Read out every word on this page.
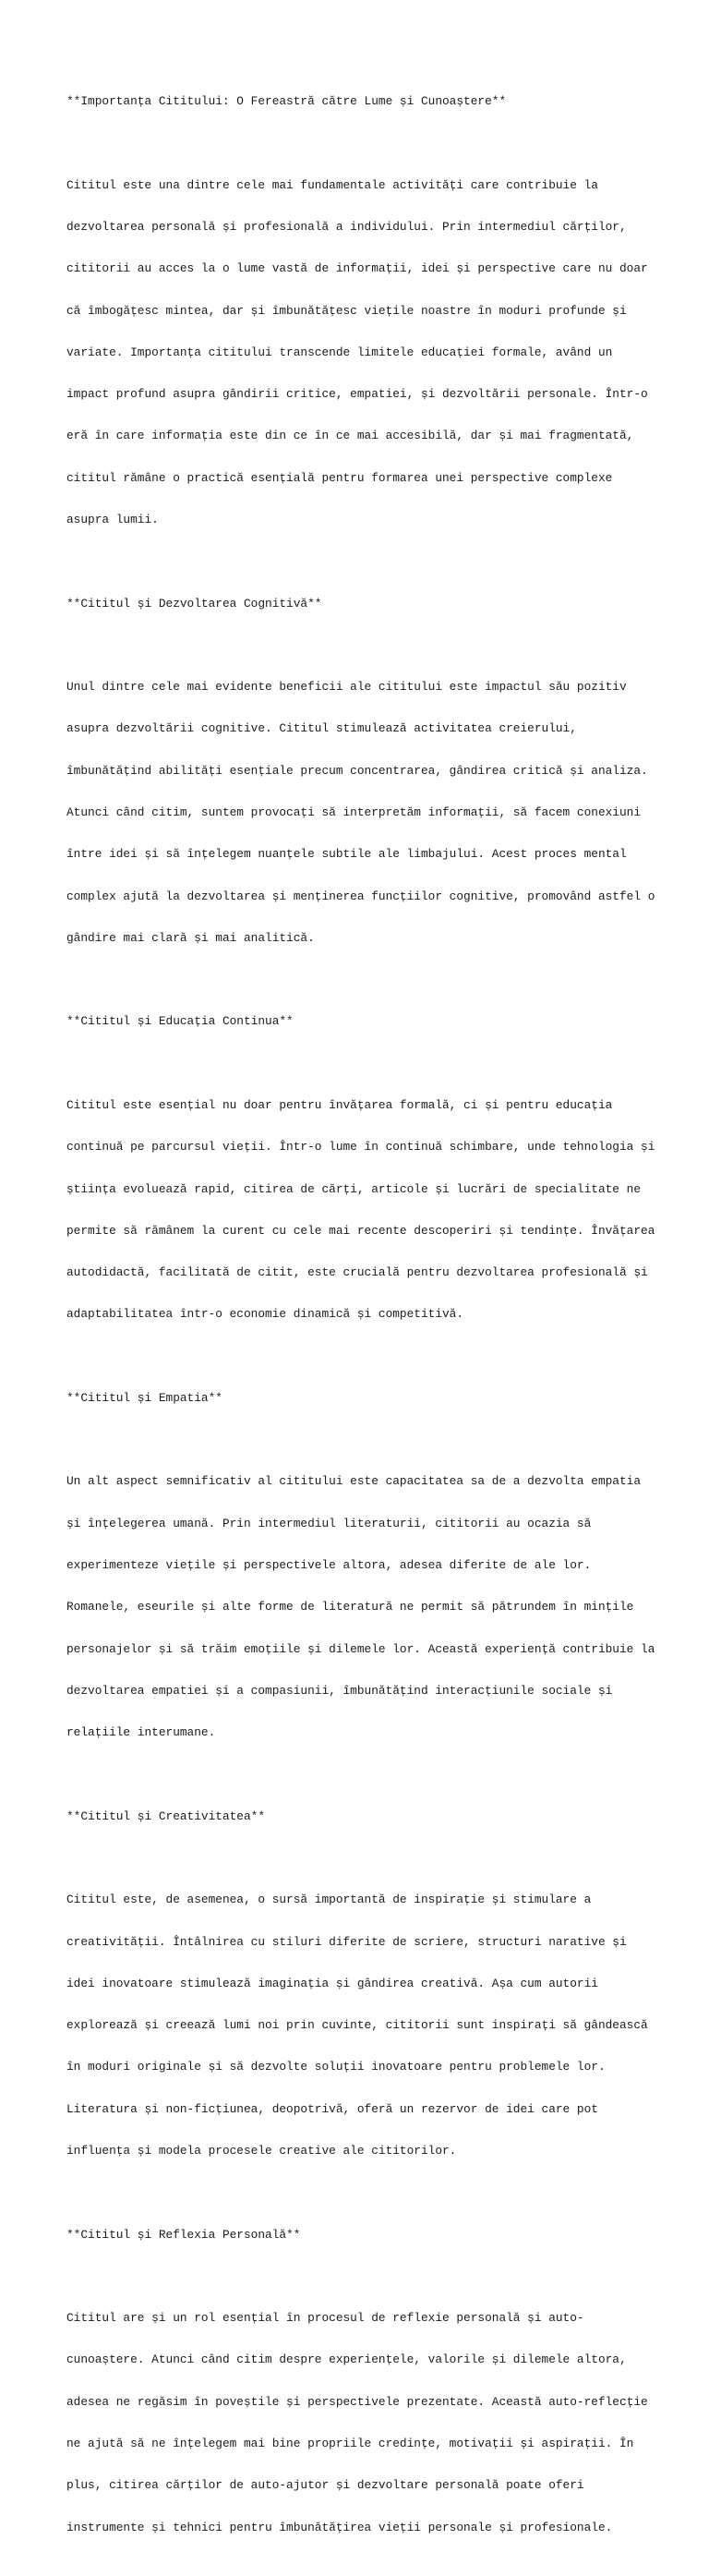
**Importanța Cititului: O Fereastră către Lume și Cunoaștere**

Cititul este una dintre cele mai fundamentale activități care contribuie la

dezvoltarea personală și profesională a individului. Prin intermediul cărților,

cititorii au acces la o lume vastă de informații, idei și perspective care nu doar

că îmbogățesc mintea, dar și îmbunătățesc viețile noastre în moduri profunde și

variate. Importanța cititului transcende limitele educației formale, având un

impact profund asupra gândirii critice, empatiei, și dezvoltării personale. Într-o

eră în care informația este din ce în ce mai accesibilă, dar și mai fragmentată,

cititul rămâne o practică esențială pentru formarea unei perspective complexe

asupra lumii.

**Cititul și Dezvoltarea Cognitivă**

Unul dintre cele mai evidente beneficii ale cititului este impactul său pozitiv

asupra dezvoltării cognitive. Cititul stimulează activitatea creierului,

îmbunătățind abilități esențiale precum concentrarea, gândirea critică și analiza.

Atunci când citim, suntem provocați să interpretăm informații, să facem conexiuni

între idei și să înțelegem nuanțele subtile ale limbajului. Acest proces mental

complex ajută la dezvoltarea și menținerea funcțiilor cognitive, promovând astfel o

gândire mai clară și mai analitică.

**Cititul și Educația Continua**

Cititul este esențial nu doar pentru învățarea formală, ci și pentru educația

continuă pe parcursul vieții. Într-o lume în continuă schimbare, unde tehnologia și

știința evoluează rapid, citirea de cărți, articole și lucrări de specialitate ne

permite să rămânem la curent cu cele mai recente descoperiri și tendințe. Învățarea

autodidactă, facilitată de citit, este crucială pentru dezvoltarea profesională și

adaptabilitatea într-o economie dinamică și competitivă.

**Cititul și Empatia**

Un alt aspect semnificativ al cititului este capacitatea sa de a dezvolta empatia

și înțelegerea umană. Prin intermediul literaturii, cititorii au ocazia să

experimenteze viețile și perspectivele altora, adesea diferite de ale lor.

Romanele, eseurile și alte forme de literatură ne permit să pătrundem în mințile

personajelor și să trăim emoțiile și dilemele lor. Această experiență contribuie la

dezvoltarea empatiei și a compasiunii, îmbunătățind interacțiunile sociale și

relațiile interumane.

**Cititul și Creativitatea**

Cititul este, de asemenea, o sursă importantă de inspirație și stimulare a

creativității. Întâlnirea cu stiluri diferite de scriere, structuri narative și

idei inovatoare stimulează imaginația și gândirea creativă. Așa cum autorii

explorează și creează lumi noi prin cuvinte, cititorii sunt inspirați să gândească

în moduri originale și să dezvolte soluții inovatoare pentru problemele lor.

Literatura și non-ficțiunea, deopotrivă, oferă un rezervor de idei care pot

influența și modela procesele creative ale cititorilor.

**Cititul și Reflexia Personală**

Cititul are și un rol esențial în procesul de reflexie personală și auto-

cunoaștere. Atunci când citim despre experiențele, valorile și dilemele altora,

adesea ne regăsim în poveștile și perspectivele prezentate. Această auto-reflecție

ne ajută să ne înțelegem mai bine propriile credințe, motivații și aspirații. În

plus, citirea cărților de auto-ajutor și dezvoltare personală poate oferi

instrumente și tehnici pentru îmbunătățirea vieții personale și profesionale.
